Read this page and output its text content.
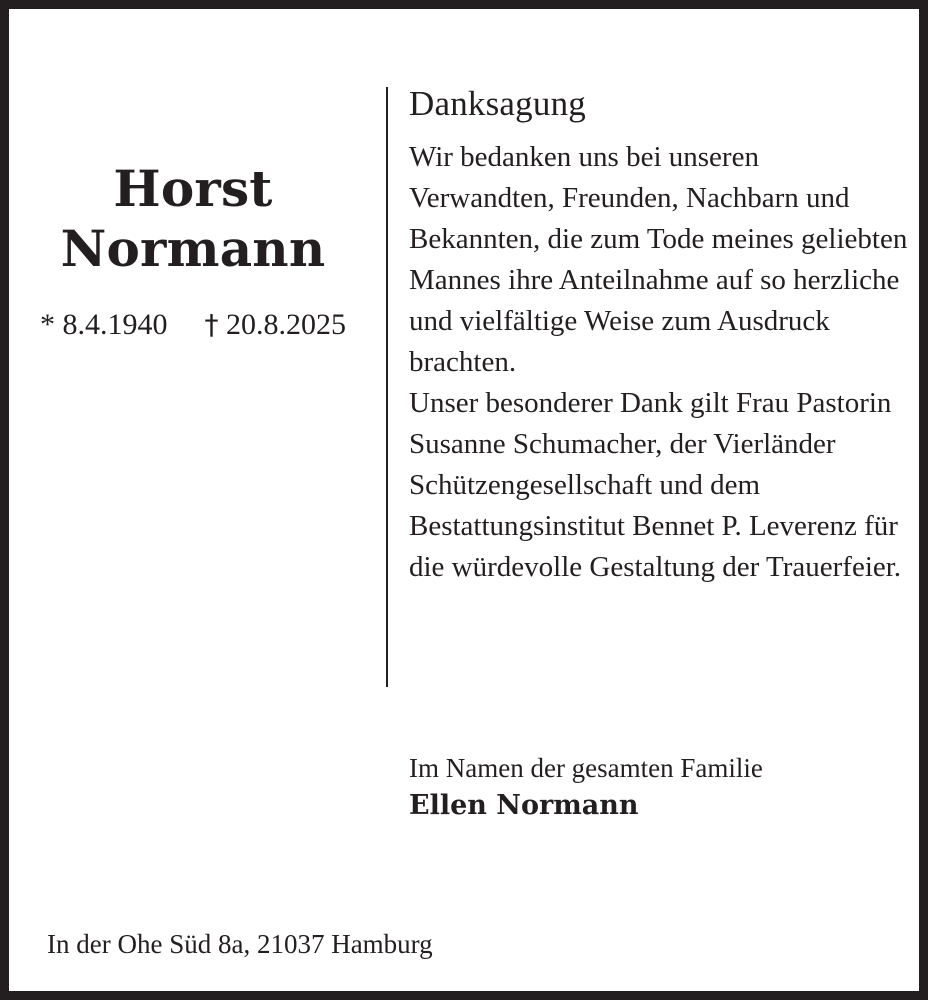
Horst
Normann
* 8.4.1940 † 20.8.2025
Danksagung

Wir bedanken uns bei unseren Verwandten, Freunden, Nachbarn und Bekannten, die zum Tode meines geliebten Mannes ihre Anteilnahme auf so herzliche und vielfältige Weise zum Ausdruck brachten.

Unser besonderer Dank gilt Frau Pastorin Susanne Schumacher, der Vierländer Schützengesellschaft und dem Bestattungsinstitut Bennet P. Leverenz für die würdevolle Gestaltung der Trauerfeier.

Im Namen der gesamten Familie
Ellen Normann
In der Ohe Süd 8a, 21037 Hamburg
